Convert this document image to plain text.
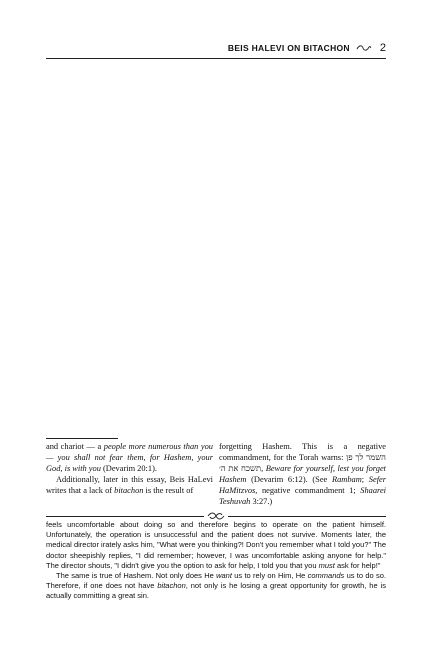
BEIS HALEVI ON BITACHON	2

and chariot — a people more numerous than you — you shall not fear them, for Hashem, your God, is with you (Devarim 20:1).

Additionally, later in this essay, Beis HaLevi writes that a lack of bitachon is the result of

forgetting Hashem. This is a negative commandment, for the Torah warns: השמר לך פן תשכח את ה׳, Beware for yourself, lest you forget Hashem (Devarim 6:12). (See Rambam; Sefer HaMitzvos, negative commandment 1; Shaarei Teshuvah 3:27.)

feels uncomfortable about doing so and therefore begins to operate on the patient himself. Unfortunately, the operation is unsuccessful and the patient does not survive. Moments later, the medical director irately asks him, "What were you thinking?! Don't you remember what I told you?" The doctor sheepishly replies, "I did remember; however, I was uncomfortable asking anyone for help." The director shouts, "I didn't give you the option to ask for help, I told you that you must ask for help!"

The same is true of Hashem. Not only does He want us to rely on Him, He commands us to do so. Therefore, if one does not have bitachon, not only is he losing a great opportunity for growth, he is actually committing a great sin.
